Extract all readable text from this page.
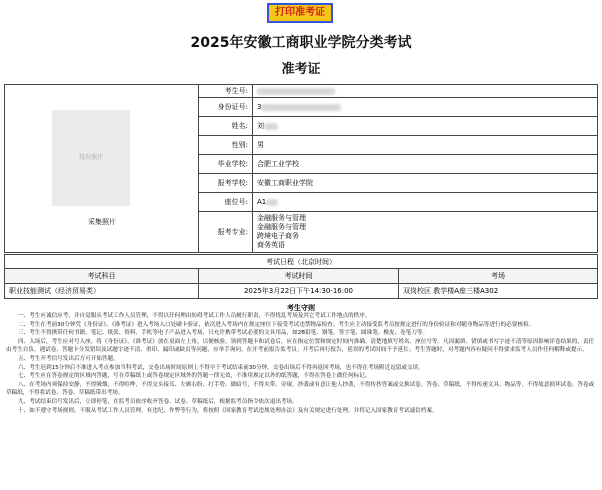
打印准考证
2025年安徽工商职业学院分类考试
准考证
没有照片
采集照片	考生号:	
	身份证号:	3
	姓名:	刘
	性别:	男
	毕业学校:	合肥工业学校
	报考学校:	安徽工商职业学院
	座位号:	A1
	报考专业:	金融服务与管理
金融服务与管理
跨境电子商务
商务英语
考试日程（北京时间）		
考试科目	考试时间	考场
职业技能测试（经济贸易类）	2025年3月22日下午14:30-16:00	双岗校区 教学楼A座三楼A302
考生守则

一、考生应诚信应考，并自觉服从考试工作人员管理，不得以任何理由妨碍考试工作人员履行职责，不得扰乱考场及其它考试工作地点的秩序。

二、考生在考前30分钟凭《身份证》、《准考证》进入考场入口处刷卡验证，依次进入考场内在规定座位下接受考试违禁物品检查。考生应主动接受监考员按规定进行的身份验证和对随身物品等进行的必要核检。

三、考生不得携带任何书籍、笔记、纸张、资料、手机等电子产品进入考场，只允许携带考试必要的文具用品，如2B铅笔、钢笔、签字笔、圆珠笔、橡皮、卷笔刀等。

四、入场后，考生应对号入座，将《身份证》、《准考证》放在桌面左上角，以便核验。领到答题卡和试卷后，应在指定位置和规定时间内准确、清楚地填写姓名、座位号等。凡因漏填、错填或书写字迹不清等原因影响评卷结果的，责任由考生自负。遇试卷、答题卡分发错误及试题字迹不清、重印、漏印或缺页等问题，应举手询问，在开考前报告监考员；开考后再行报告，延误的考试时间不予延长；考生答题时，对考题内容有疑问不得要求监考人员作任何解释或提示。

五、考生开考信号发出后方可开始答题。

六、考生迟到15分钟后不准进入考点参加当科考试，交卷出场时间原则上不得早于考试结束前30分钟，交卷出场后不得再返回考场，也不得在考场附近逗留或交谈。

七、考生应在答卷规定的区域内答题，写在草稿纸上或答卷规定区域外的答题一律无效，不准用规定以外的纸答题，不得在答卷上做任何标记。

八、在考场内须保持安静，不得吸烟，不得喧哗，不得交头接耳、左顾右盼、打手势、做暗号，不得夹带、旁窥、抄袭或有意让他人抄袭，不得传抄答案或交换试卷、答卷、草稿纸，不得传递文具、物品等，不得故意损坏试卷、答卷或草稿纸，不得将试卷、答卷、草稿纸带出考场。

九、考试结束信号发出后，立即停笔，在监考员依序收齐答卷、试卷、草稿纸后，根据监考员指令依次退出考场。

十、如不遵守考场规则，不服从考试工作人员管理，有违纪、作弊等行为，将按照《国家教育考试违规处理办法》及有关规定进行处理，并将记入国家教育考试诚信档案。
